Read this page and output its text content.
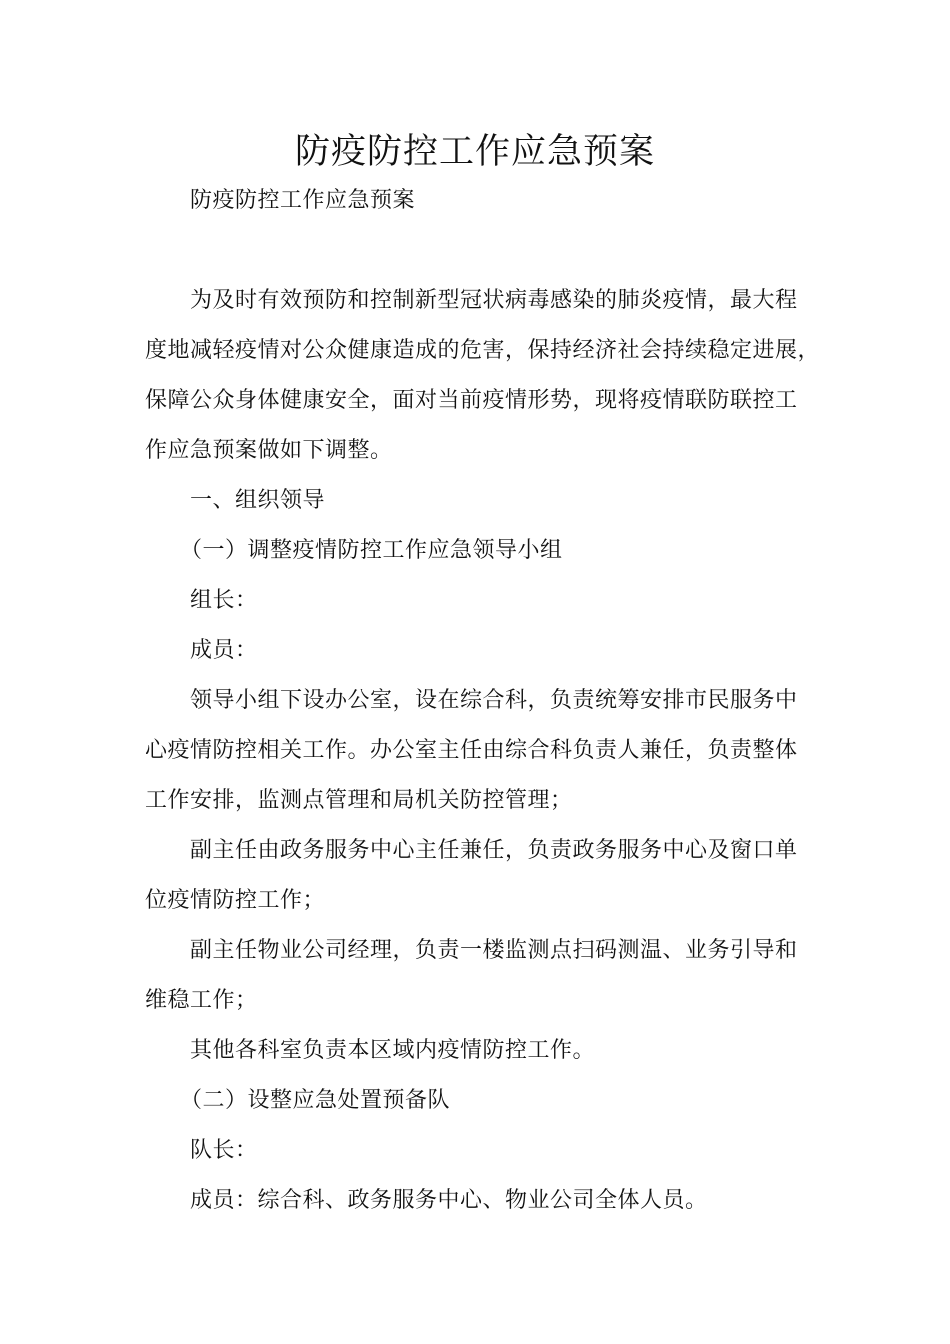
防疫防控工作应急预案
防疫防控工作应急预案
为及时有效预防和控制新型冠状病毒感染的肺炎疫情，最大程
度地减轻疫情对公众健康造成的危害，保持经济社会持续稳定进展，
保障公众身体健康安全，面对当前疫情形势，现将疫情联防联控工
作应急预案做如下调整。
一、组织领导
（一）调整疫情防控工作应急领导小组
组长：
成员：
领导小组下设办公室，设在综合科，负责统筹安排市民服务中
心疫情防控相关工作。办公室主任由综合科负责人兼任，负责整体
工作安排，监测点管理和局机关防控管理；
副主任由政务服务中心主任兼任，负责政务服务中心及窗口单
位疫情防控工作；
副主任物业公司经理，负责一楼监测点扫码测温、业务引导和
维稳工作；
其他各科室负责本区域内疫情防控工作。
（二）设整应急处置预备队
队长：
成员：综合科、政务服务中心、物业公司全体人员。
